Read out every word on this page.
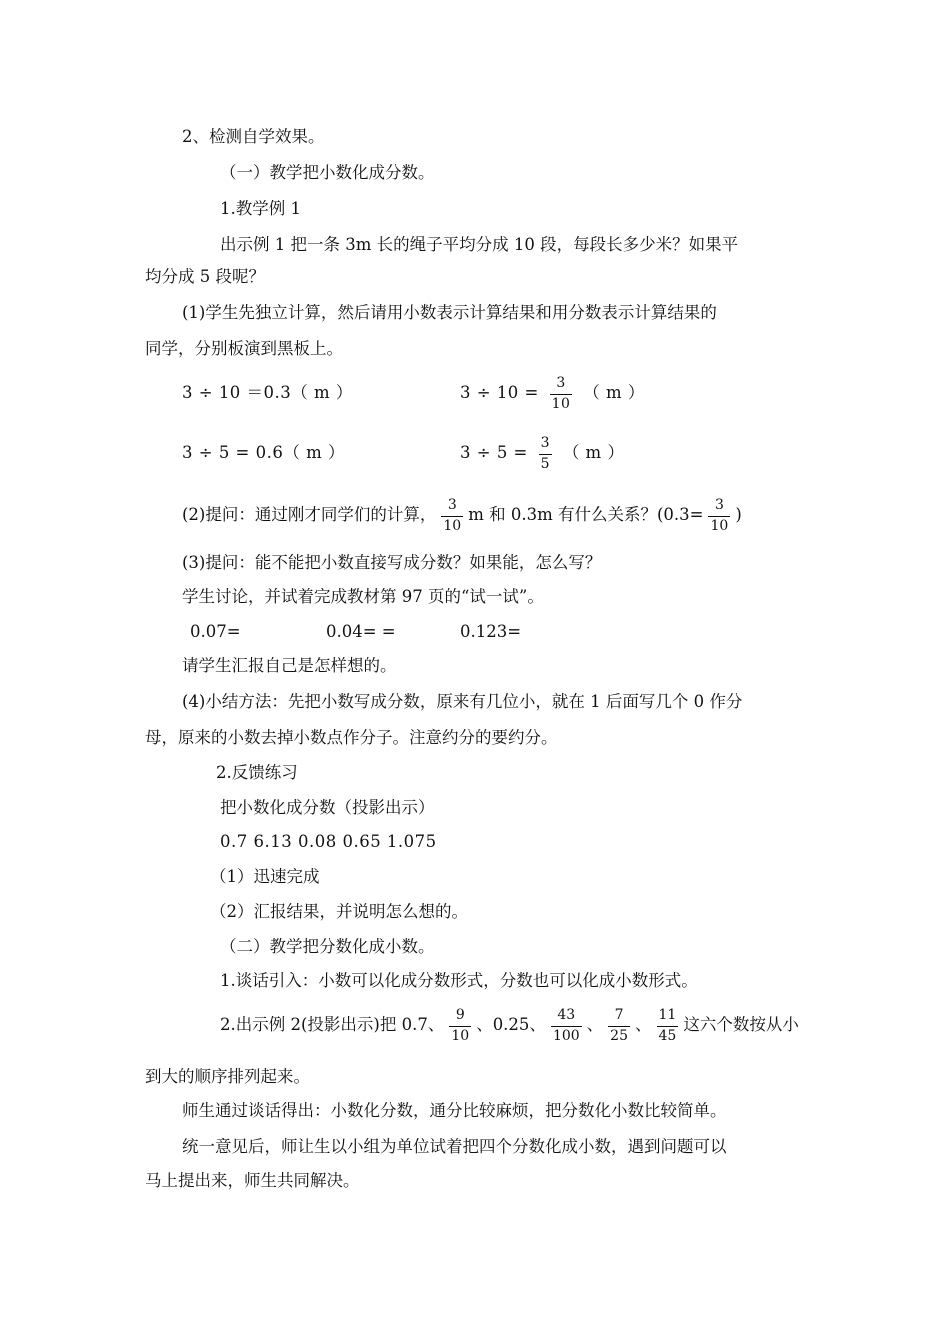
2、检测自学效果。
（一）教学把小数化成分数。
1.教学例 1
出示例 1 把一条 3m 长的绳子平均分成 10 段，每段长多少米？如果平
均分成 5 段呢？
(1)学生先独立计算，然后请用小数表示计算结果和用分数表示计算结果的
同学，分别板演到黑板上。
3 ÷ 10 ＝0.3（ m ）	$3 \div 10 = \frac{3}{10}$ （ m ）
3 ÷ 5 = 0.6（ m ）	$3 \div 5 = \frac{3}{5}$ （ m ）
(2)提问：通过刚才同学们的计算， $\frac{3}{10}$ m 和 0.3m 有什么关系？($0.3= \frac{3}{10}$ )
(3)提问：能不能把小数直接写成分数？如果能，怎么写？
学生讨论，并试着完成教材第 97 页的“试一试”。
0.07=	0.04= =	0.123=
请学生汇报自己是怎样想的。
(4)小结方法：先把小数写成分数，原来有几位小，就在 1 后面写几个 0 作分
母，原来的小数去掉小数点作分子。注意约分的要约分。
2.反馈练习
把小数化成分数（投影出示）
0.7 6.13 0.08 0.65 1.075
（1）迅速完成
（2）汇报结果，并说明怎么想的。
（二）教学把分数化成小数。
1.谈话引入：小数可以化成分数形式，分数也可以化成小数形式。
2.出示例 2(投影出示)把 0.7、 $\frac{9}{10}$ 、0.25、 $\frac{43}{100}$ 、 $\frac{7}{25}$ 、 $\frac{11}{45}$ 这六个数按从小
到大的顺序排列起来。
师生通过谈话得出：小数化分数，通分比较麻烦，把分数化小数比较简单。
统一意见后，师让生以小组为单位试着把四个分数化成小数，遇到问题可以
马上提出来，师生共同解决。
